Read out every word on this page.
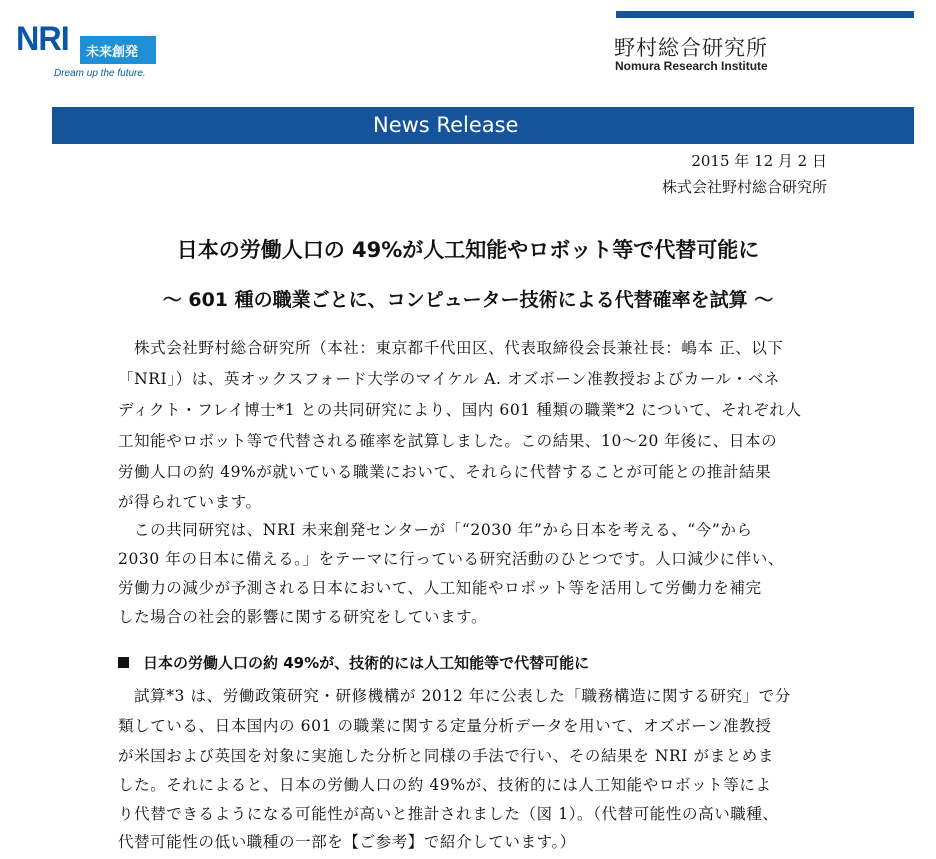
NRI 未来創発
Dream up the future.
野村総合研究所
Nomura Research Institute
News Release
2015 年 12 月 2 日
株式会社野村総合研究所
日本の労働人口の 49%が人工知能やロボット等で代替可能に
～ 601 種の職業ごとに、コンピューター技術による代替確率を試算 ～
株式会社野村総合研究所（本社：東京都千代田区、代表取締役会長兼社長：嶋本 正、以下
「NRI」）は、英オックスフォード大学のマイケル A. オズボーン准教授およびカール・ベネ
ディクト・フレイ博士*1 との共同研究により、国内 601 種類の職業*2 について、それぞれ人
工知能やロボット等で代替される確率を試算しました。この結果、10～20 年後に、日本の
労働人口の約 49%が就いている職業において、それらに代替することが可能との推計結果
が得られています。
この共同研究は、NRI 未来創発センターが「“2030 年”から日本を考える、“今”から
2030 年の日本に備える。」をテーマに行っている研究活動のひとつです。人口減少に伴い、
労働力の減少が予測される日本において、人工知能やロボット等を活用して労働力を補完
した場合の社会的影響に関する研究をしています。
日本の労働人口の約 49%が、技術的には人工知能等で代替可能に
試算*3 は、労働政策研究・研修機構が 2012 年に公表した「職務構造に関する研究」で分
類している、日本国内の 601 の職業に関する定量分析データを用いて、オズボーン准教授
が米国および英国を対象に実施した分析と同様の手法で行い、その結果を NRI がまとめま
した。それによると、日本の労働人口の約 49%が、技術的には人工知能やロボット等によ
り代替できるようになる可能性が高いと推計されました（図 1）。（代替可能性の高い職種、
代替可能性の低い職種の一部を【ご参考】で紹介しています。）
